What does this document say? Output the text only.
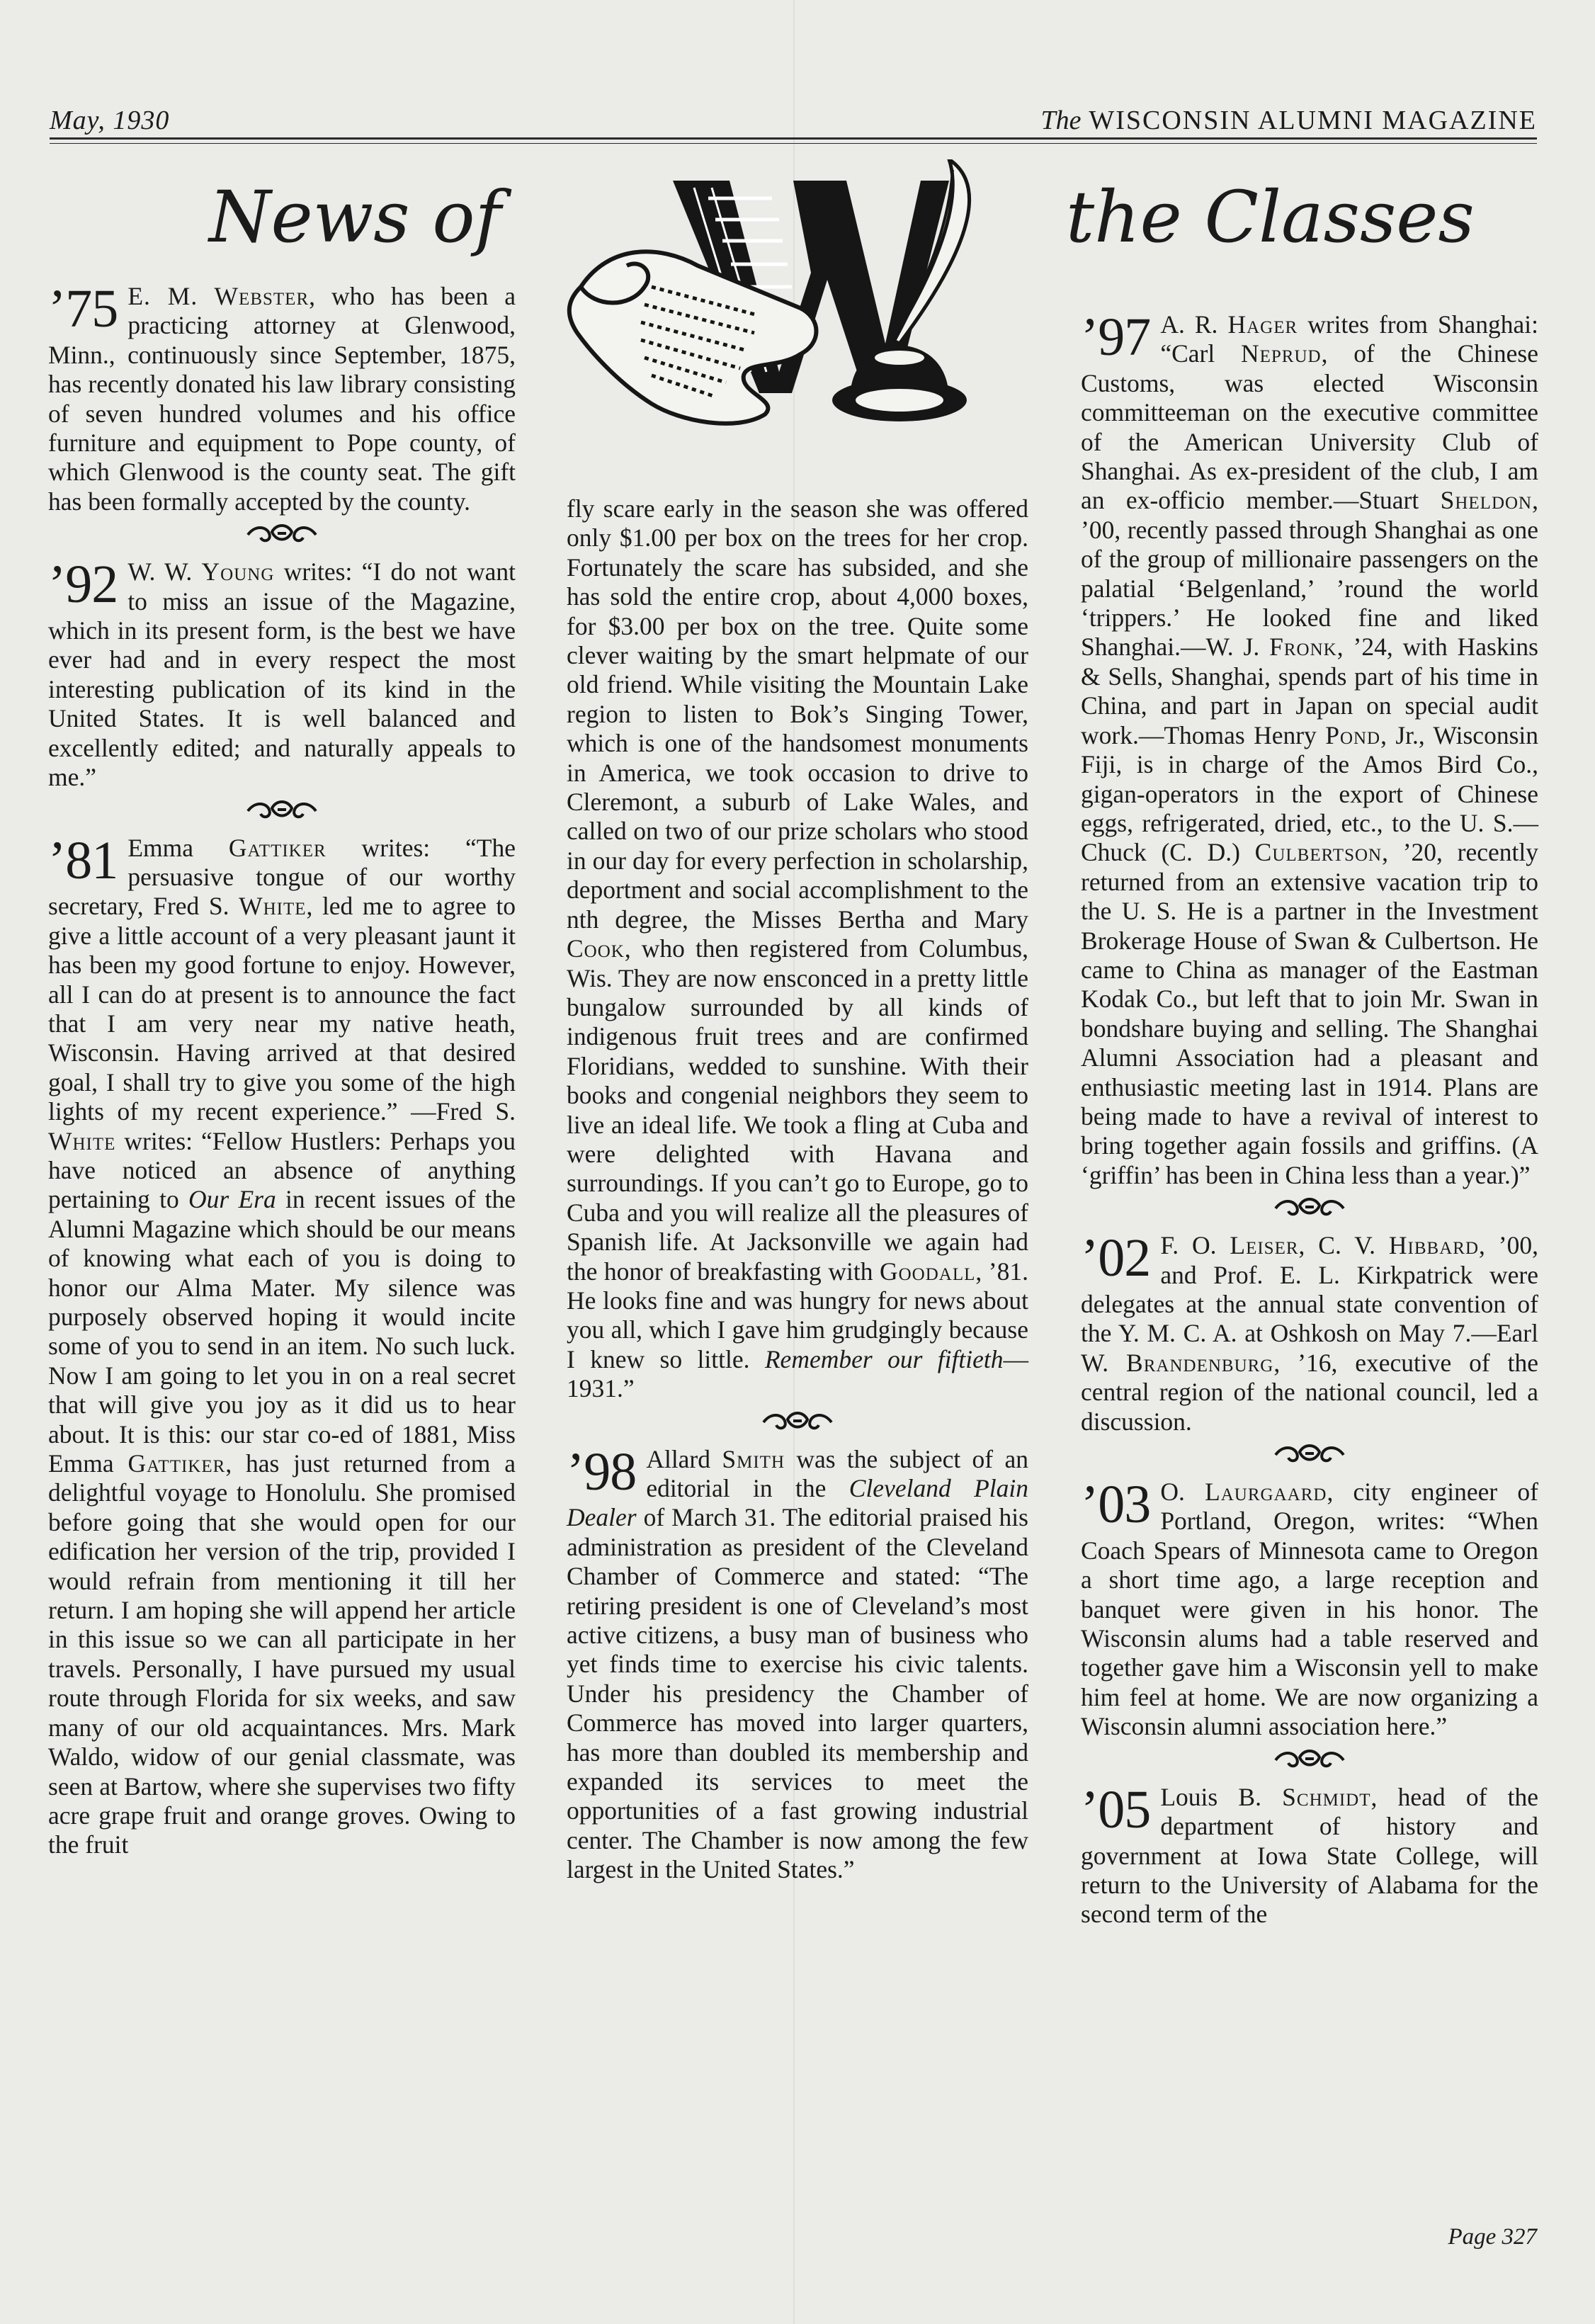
May, 1930	The WISCONSIN ALUMNI MAGAZINE
News of	the Classes

’75 E. M. Webster, who has been a practicing attorney at Glenwood, Minn., continuously since September, 1875, has recently donated his law library consisting of seven hundred volumes and his office furniture and equipment to Pope county, of which Glenwood is the county seat. The gift has been formally accepted by the county.

’92 W. W. Young writes: “I do not want to miss an issue of the Magazine, which in its present form, is the best we have ever had and in every respect the most interesting publication of its kind in the United States. It is well balanced and excellently edited; and naturally appeals to me.”

’81 Emma Gattiker writes: “The persuasive tongue of our worthy secretary, Fred S. White, led me to agree to give a little account of a very pleasant jaunt it has been my good fortune to enjoy. However, all I can do at present is to announce the fact that I am very near my native heath, Wisconsin. Having arrived at that desired goal, I shall try to give you some of the high lights of my recent experience.” —Fred S. White writes: “Fellow Hustlers: Perhaps you have noticed an absence of anything pertaining to Our Era in recent issues of the Alumni Magazine which should be our means of knowing what each of you is doing to honor our Alma Mater. My silence was purposely observed hoping it would incite some of you to send in an item. No such luck. Now I am going to let you in on a real secret that will give you joy as it did us to hear about. It is this: our star co-ed of 1881, Miss Emma Gattiker, has just returned from a delightful voyage to Honolulu. She promised before going that she would open for our edification her version of the trip, provided I would refrain from mentioning it till her return. I am hoping she will append her article in this issue so we can all participate in her travels. Personally, I have pursued my usual route through Florida for six weeks, and saw many of our old acquaintances. Mrs. Mark Waldo, widow of our genial classmate, was seen at Bartow, where she supervises two fifty acre grape fruit and orange groves. Owing to the fruit

fly scare early in the season she was offered only $1.00 per box on the trees for her crop. Fortunately the scare has subsided, and she has sold the entire crop, about 4,000 boxes, for $3.00 per box on the tree. Quite some clever waiting by the smart helpmate of our old friend. While visiting the Mountain Lake region to listen to Bok’s Singing Tower, which is one of the handsomest monuments in America, we took occasion to drive to Cleremont, a suburb of Lake Wales, and called on two of our prize scholars who stood in our day for every perfection in scholarship, deportment and social accomplishment to the nth degree, the Misses Bertha and Mary Cook, who then registered from Columbus, Wis. They are now ensconced in a pretty little bungalow surrounded by all kinds of indigenous fruit trees and are confirmed Floridians, wedded to sunshine. With their books and congenial neighbors they seem to live an ideal life. We took a fling at Cuba and were delighted with Havana and surroundings. If you can’t go to Europe, go to Cuba and you will realize all the pleasures of Spanish life. At Jacksonville we again had the honor of breakfasting with Goodall, ’81. He looks fine and was hungry for news about you all, which I gave him grudgingly because I knew so little. Remember our fiftieth—1931.”

’98 Allard Smith was the subject of an editorial in the Cleveland Plain Dealer of March 31. The editorial praised his administration as president of the Cleveland Chamber of Commerce and stated: “The retiring president is one of Cleveland’s most active citizens, a busy man of business who yet finds time to exercise his civic talents. Under his presidency the Chamber of Commerce has moved into larger quarters, has more than doubled its membership and expanded its services to meet the opportunities of a fast growing industrial center. The Chamber is now among the few largest in the United States.”

’97 A. R. Hager writes from Shanghai: “Carl Neprud, of the Chinese Customs, was elected Wisconsin committeeman on the executive committee of the American University Club of Shanghai. As ex-president of the club, I am an ex-officio member.—Stuart Sheldon, ’00, recently passed through Shanghai as one of the group of millionaire passengers on the palatial ‘Belgenland,’ ’round the world ‘trippers.’ He looked fine and liked Shanghai.—W. J. Fronk, ’24, with Haskins & Sells, Shanghai, spends part of his time in China, and part in Japan on special audit work.—Thomas Henry Pond, Jr., Wisconsin Fiji, is in charge of the Amos Bird Co., gigan-operators in the export of Chinese eggs, refrigerated, dried, etc., to the U. S.—Chuck (C. D.) Culbertson, ’20, recently returned from an extensive vacation trip to the U. S. He is a partner in the Investment Brokerage House of Swan & Culbertson. He came to China as manager of the Eastman Kodak Co., but left that to join Mr. Swan in bondshare buying and selling. The Shanghai Alumni Association had a pleasant and enthusiastic meeting last in 1914. Plans are being made to have a revival of interest to bring together again fossils and griffins. (A ‘griffin’ has been in China less than a year.)”

’02 F. O. Leiser, C. V. Hibbard, ’00, and Prof. E. L. Kirkpatrick were delegates at the annual state convention of the Y. M. C. A. at Oshkosh on May 7.—Earl W. Brandenburg, ’16, executive of the central region of the national council, led a discussion.

’03 O. Laurgaard, city engineer of Portland, Oregon, writes: “When Coach Spears of Minnesota came to Oregon a short time ago, a large reception and banquet were given in his honor. The Wisconsin alums had a table reserved and together gave him a Wisconsin yell to make him feel at home. We are now organizing a Wisconsin alumni association here.”

’05 Louis B. Schmidt, head of the department of history and government at Iowa State College, will return to the University of Alabama for the second term of the

Page 327
